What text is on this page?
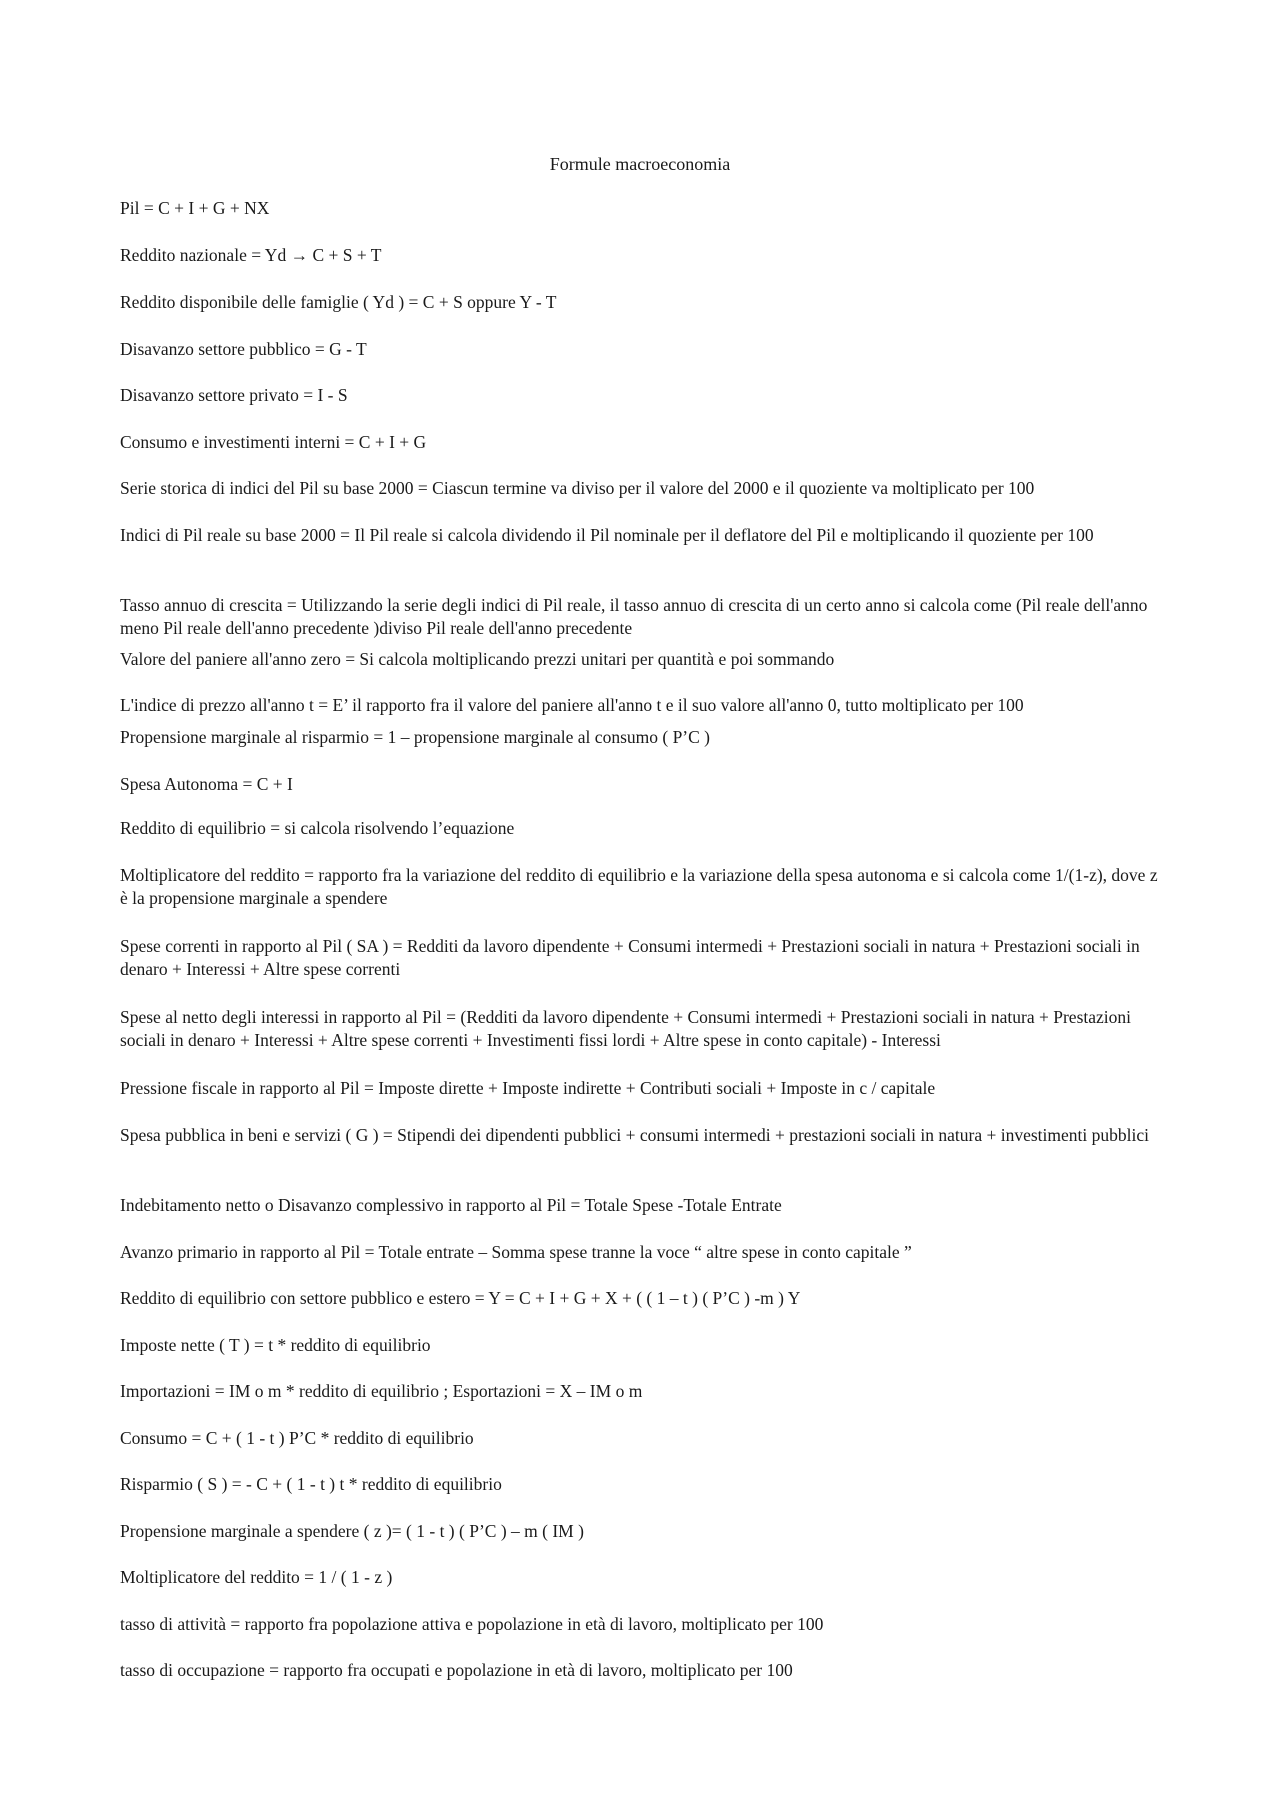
Formule macroeconomia
Pil = C + I + G + NX
Reddito nazionale = Yd → C + S + T
Reddito disponibile delle famiglie ( Yd ) = C + S oppure Y - T
Disavanzo settore pubblico = G - T
Disavanzo settore privato = I - S
Consumo e investimenti interni = C + I + G
Serie storica di indici del Pil su base 2000 = Ciascun termine va diviso per il valore del 2000 e il quoziente va moltiplicato per 100
Indici di Pil reale su base 2000 = Il Pil reale si calcola dividendo il Pil nominale per il deflatore del Pil e moltiplicando il quoziente per 100
Tasso annuo di crescita = Utilizzando la serie degli indici di Pil reale, il tasso annuo di crescita di un certo anno si calcola come (Pil reale dell'anno meno Pil reale dell'anno precedente )diviso Pil reale dell'anno precedente
Valore del paniere all'anno zero = Si calcola moltiplicando prezzi unitari per quantità e poi sommando
L'indice di prezzo all'anno t = E’ il rapporto fra il valore del paniere all'anno t e il suo valore all'anno 0, tutto moltiplicato per 100
Propensione marginale al risparmio = 1 – propensione marginale al consumo ( P’C )
Spesa Autonoma = C + I
Reddito di equilibrio = si calcola risolvendo l’equazione
Moltiplicatore del reddito = rapporto fra la variazione del reddito di equilibrio e la variazione della spesa autonoma e si calcola come 1/(1-z), dove z è la propensione marginale a spendere
Spese correnti in rapporto al Pil ( SA ) = Redditi da lavoro dipendente + Consumi intermedi + Prestazioni sociali in natura + Prestazioni sociali in denaro + Interessi + Altre spese correnti
Spese al netto degli interessi in rapporto al Pil = (Redditi da lavoro dipendente + Consumi intermedi + Prestazioni sociali in natura + Prestazioni sociali in denaro + Interessi + Altre spese correnti + Investimenti fissi lordi + Altre spese in conto capitale) - Interessi
Pressione fiscale in rapporto al Pil = Imposte dirette + Imposte indirette + Contributi sociali + Imposte in c / capitale
Spesa pubblica in beni e servizi ( G ) = Stipendi dei dipendenti pubblici + consumi intermedi + prestazioni sociali in natura + investimenti pubblici
Indebitamento netto o Disavanzo complessivo in rapporto al Pil = Totale Spese -Totale Entrate
Avanzo primario in rapporto al Pil = Totale entrate – Somma spese tranne la voce “ altre spese in conto capitale ”
Reddito di equilibrio con settore pubblico e estero = Y = C + I + G + X + ( ( 1 – t ) ( P’C ) -m ) Y
Imposte nette ( T ) = t * reddito di equilibrio
Importazioni = IM o m * reddito di equilibrio ; Esportazioni = X – IM o m
Consumo = C + ( 1 - t ) P’C * reddito di equilibrio
Risparmio ( S ) = - C + ( 1 - t ) t * reddito di equilibrio
Propensione marginale a spendere ( z )= ( 1 - t ) ( P’C ) – m ( IM )
Moltiplicatore del reddito = 1 / ( 1 - z )
tasso di attività = rapporto fra popolazione attiva e popolazione in età di lavoro, moltiplicato per 100
tasso di occupazione = rapporto fra occupati e popolazione in età di lavoro, moltiplicato per 100
